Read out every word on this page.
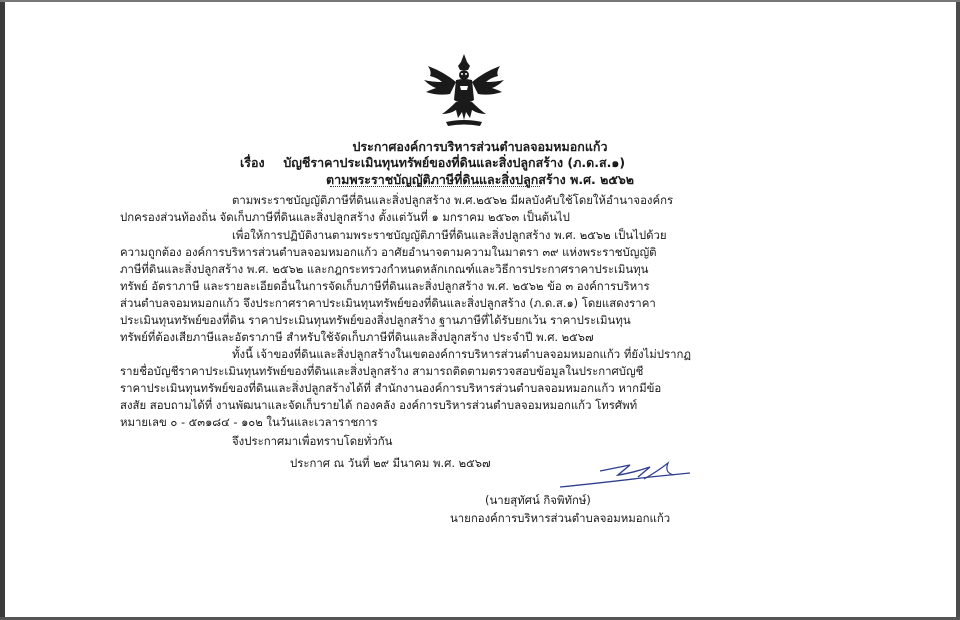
ประกาศองค์การบริหารส่วนตำบลจอมหมอกแก้ว
เรื่อง บัญชีราคาประเมินทุนทรัพย์ของที่ดินและสิ่งปลูกสร้าง (ภ.ด.ส.๑)
ตามพระราชบัญญัติภาษีที่ดินและสิ่งปลูกสร้าง พ.ศ. ๒๕๖๒
ตามพระราชบัญญัติภาษีที่ดินและสิ่งปลูกสร้าง พ.ศ.๒๕๖๒ มีผลบังคับใช้โดยให้อำนาจองค์กร
ปกครองส่วนท้องถิ่น จัดเก็บภาษีที่ดินและสิ่งปลูกสร้าง ตั้งแต่วันที่ ๑ มกราคม ๒๕๖๓ เป็นต้นไป
เพื่อให้การปฏิบัติงานตามพระราชบัญญัติภาษีที่ดินและสิ่งปลูกสร้าง พ.ศ. ๒๕๖๒ เป็นไปด้วย
ความถูกต้อง องค์การบริหารส่วนตำบลจอมหมอกแก้ว อาศัยอำนาจตามความในมาตรา ๓๙ แห่งพระราชบัญญัติ
ภาษีที่ดินและสิ่งปลูกสร้าง พ.ศ. ๒๕๖๒ และกฎกระทรวงกำหนดหลักเกณฑ์และวิธีการประกาศราคาประเมินทุน
ทรัพย์ อัตราภาษี และรายละเอียดอื่นในการจัดเก็บภาษีที่ดินและสิ่งปลูกสร้าง พ.ศ. ๒๕๖๒ ข้อ ๓ องค์การบริหาร
ส่วนตำบลจอมหมอกแก้ว จึงประกาศราคาประเมินทุนทรัพย์ของที่ดินและสิ่งปลูกสร้าง (ภ.ด.ส.๑) โดยแสดงราคา
ประเมินทุนทรัพย์ของที่ดิน ราคาประเมินทุนทรัพย์ของสิ่งปลูกสร้าง ฐานภาษีที่ได้รับยกเว้น ราคาประเมินทุน
ทรัพย์ที่ต้องเสียภาษีและอัตราภาษี สำหรับใช้จัดเก็บภาษีที่ดินและสิ่งปลูกสร้าง ประจำปี พ.ศ. ๒๕๖๗
ทั้งนี้ เจ้าของที่ดินและสิ่งปลูกสร้างในเขตองค์การบริหารส่วนตำบลจอมหมอกแก้ว ที่ยังไม่ปรากฏ
รายชื่อบัญชีราคาประเมินทุนทรัพย์ของที่ดินและสิ่งปลูกสร้าง สามารถติดตามตรวจสอบข้อมูลในประกาศบัญชี
ราคาประเมินทุนทรัพย์ของที่ดินและสิ่งปลูกสร้างได้ที่ สำนักงานองค์การบริหารส่วนตำบลจอมหมอกแก้ว หากมีข้อ
สงสัย สอบถามได้ที่ งานพัฒนาและจัดเก็บรายได้ กองคลัง องค์การบริหารส่วนตำบลจอมหมอกแก้ว โทรศัพท์
หมายเลข ๐ - ๕๓๑๘๔ - ๑๐๒ ในวันและเวลาราชการ
จึงประกาศมาเพื่อทราบโดยทั่วกัน
ประกาศ ณ วันที่ ๒๙ มีนาคม พ.ศ. ๒๕๖๗
(นายสุทัศน์ กิจพิทักษ์)
นายกองค์การบริหารส่วนตำบลจอมหมอกแก้ว
